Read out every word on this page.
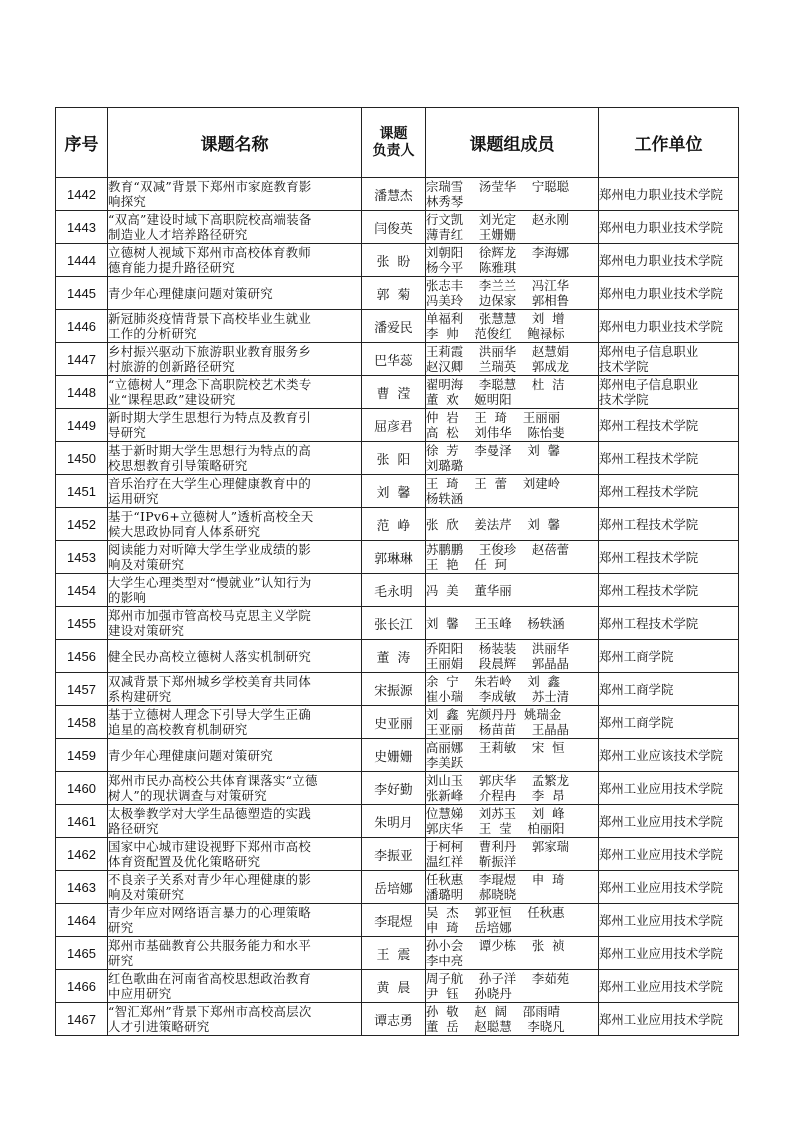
序号	课题名称	课题
负责人	课题组成员	工作单位
1442	教育“双减”背景下郑州市家庭教育影
响探究	潘慧杰	宗瑞雪    汤莹华    宁聪聪
林秀琴	郑州电力职业技术学院
1443	“双高”建设时域下高职院校高端装备
制造业人才培养路径研究	闫俊英	行文凯    刘光定    赵永刚
薄青红    王姗姗	郑州电力职业技术学院
1444	立德树人视域下郑州市高校体育教师
德育能力提升路径研究	张  盼	刘朝阳    徐辉龙    李海娜
杨今平    陈雅琪	郑州电力职业技术学院
1445	青少年心理健康问题对策研究	郭  菊	张志丰    李兰兰    冯江华
冯美玲    边保家    郭相鲁	郑州电力职业技术学院
1446	新冠肺炎疫情背景下高校毕业生就业
工作的分析研究	潘爱民	单福利    张慧慧    刘  增
李  帅    范俊红    鲍禄标	郑州电力职业技术学院
1447	乡村振兴驱动下旅游职业教育服务乡
村旅游的创新路径研究	巴华蕊	王莉霞    洪丽华    赵慧娟
赵汉卿    兰瑞英    郭成龙	郑州电子信息职业
技术学院
1448	“立德树人”理念下高职院校艺术类专
业“课程思政”建设研究	曹  滢	翟明海    李聪慧    杜  洁
董  欢    姬明阳	郑州电子信息职业
技术学院
1449	新时期大学生思想行为特点及教育引
导研究	屈彦君	仲  岩    王  琦    王丽丽
高  松    刘伟华    陈怡斐	郑州工程技术学院
1450	基于新时期大学生思想行为特点的高
校思想教育引导策略研究	张  阳	徐  芳    李曼泽    刘  馨
刘璐璐	郑州工程技术学院
1451	音乐治疗在大学生心理健康教育中的
运用研究	刘  馨	王  琦    王  蕾    刘建岭
杨轶涵	郑州工程技术学院
1452	基于“IPv6+立德树人”透析高校全天
候大思政协同育人体系研究	范  峥	张  欣    姜法芹    刘  馨	郑州工程技术学院
1453	阅读能力对听障大学生学业成绩的影
响及对策研究	郭琳琳	苏鹏鹏    王俊珍    赵蓓蕾
王  艳    任  珂	郑州工程技术学院
1454	大学生心理类型对“慢就业”认知行为
的影响	毛永明	冯  美    董华丽	郑州工程技术学院
1455	郑州市加强市管高校马克思主义学院
建设对策研究	张长江	刘  馨    王玉峰    杨轶涵	郑州工程技术学院
1456	健全民办高校立德树人落实机制研究	董  涛	乔阳阳    杨装装    洪丽华
王丽娟    段晨辉    郭晶晶	郑州工商学院
1457	双减背景下郑州城乡学校美育共同体
系构建研究	宋振源	余  宁    朱若岭    刘  鑫
崔小瑞    李成敏    苏士清	郑州工商学院
1458	基于立德树人理念下引导大学生正确
追星的高校教育机制研究	史亚丽	刘  鑫  宪颜丹丹  姚瑞金
王亚丽    杨苗苗    王晶晶	郑州工商学院
1459	青少年心理健康问题对策研究	史姗姗	高丽娜    王莉敏    宋  恒
李美跃	郑州工业应该技术学院
1460	郑州市民办高校公共体育课落实“立德
树人”的现状调查与对策研究	李好勤	刘山玉    郭庆华    孟繁龙
张新峰    介程冉    李  昂	郑州工业应用技术学院
1461	太极拳教学对大学生品德塑造的实践
路径研究	朱明月	位慧娣    刘苏玉    刘  峰
郭庆华    王  莹    柏丽阳	郑州工业应用技术学院
1462	国家中心城市建设视野下郑州市高校
体育资配置及优化策略研究	李振亚	于柯柯    曹利丹    郭家瑞
温红祥    靳振洋	郑州工业应用技术学院
1463	不良亲子关系对青少年心理健康的影
响及对策研究	岳培娜	任秋惠    李琨煜    申  琦
潘璐明    郝晓晓	郑州工业应用技术学院
1464	青少年应对网络语言暴力的心理策略
研究	李琨煜	吴  杰    郭亚恒    任秋惠
申  琦    岳培娜	郑州工业应用技术学院
1465	郑州市基础教育公共服务能力和水平
研究	王  震	孙小会    谭少栋    张  祯
李中亮	郑州工业应用技术学院
1466	红色歌曲在河南省高校思想政治教育
中应用研究	黄  晨	周子航    孙子洋    李茹苑
尹  钰    孙晓丹	郑州工业应用技术学院
1467	“智汇郑州”背景下郑州市高校高层次
人才引进策略研究	谭志勇	孙  敬    赵  阔    邵雨晴
董  岳    赵聪慧    李晓凡	郑州工业应用技术学院
